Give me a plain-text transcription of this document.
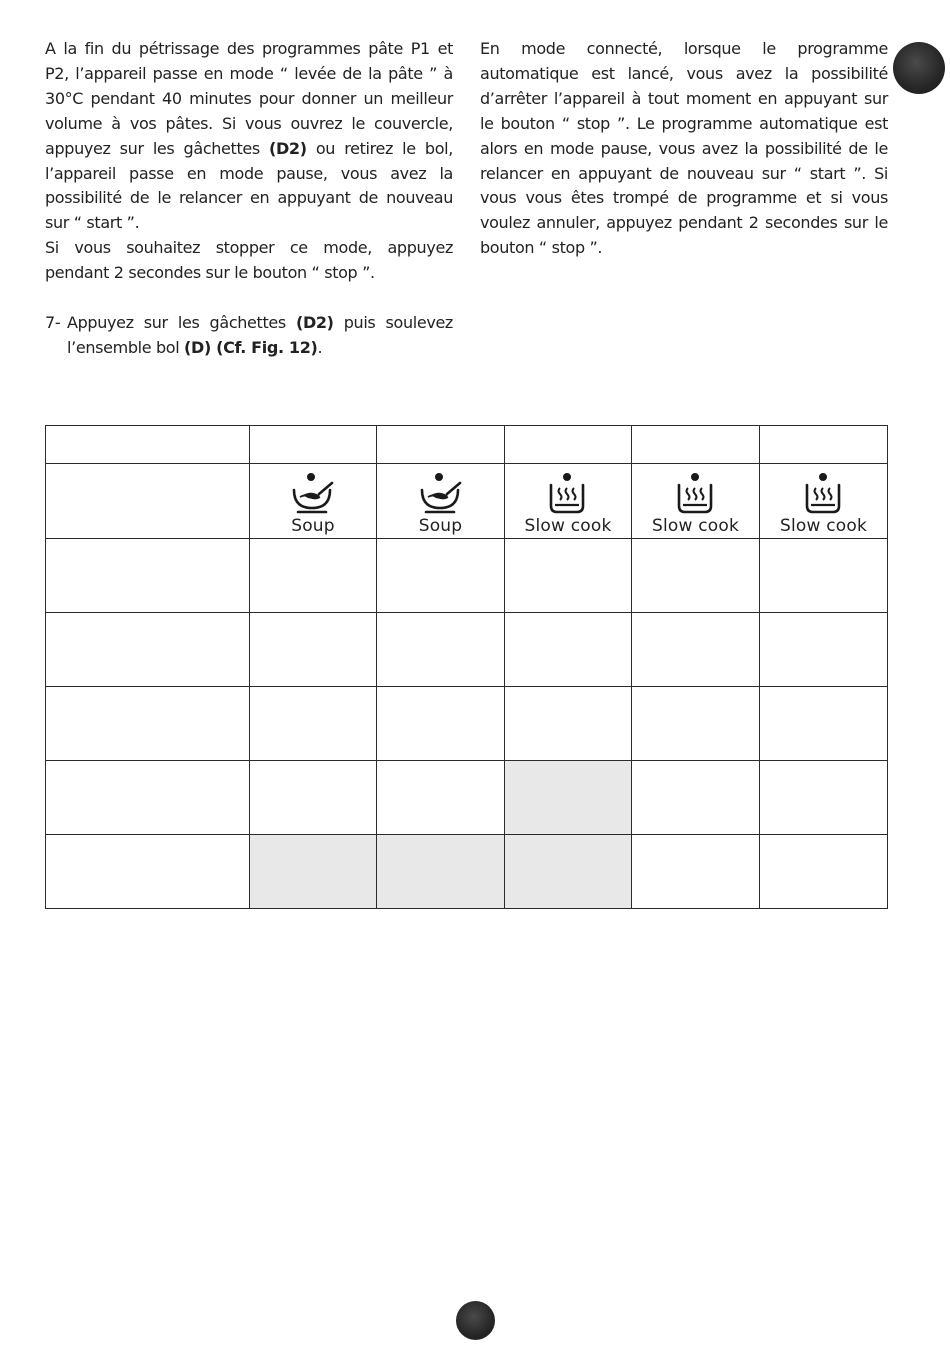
A la fin du pétrissage des programmes pâte P1 et P2, l’appareil passe en mode “ levée de la pâte ” à 30°C pendant 40 minutes pour donner un meilleur volume à vos pâtes. Si vous ouvrez le couvercle, appuyez sur les gâchettes (D2) ou retirez le bol, l’appareil passe en mode pause, vous avez la possibilité de le relancer en appuyant de nouveau sur “ start ”.

Si vous souhaitez stopper ce mode, appuyez pendant 2 secondes sur le bouton “ stop ”.

7- Appuyez sur les gâchettes (D2) puis soulevez l’ensemble bol (D) (Cf. Fig. 12).

En mode connecté, lorsque le programme automatique est lancé, vous avez la possibilité d’arrêter l’appareil à tout moment en appuyant sur le bouton “ stop ”. Le programme automatique est alors en mode pause, vous avez la possibilité de le relancer en appuyant de nouveau sur “ start ”. Si vous vous êtes trompé de programme et si vous voulez annuler, appuyez pendant 2 secondes sur le bouton “ stop ”.

	Soup	Soup	Slow cook	Slow cook	Slow cook
